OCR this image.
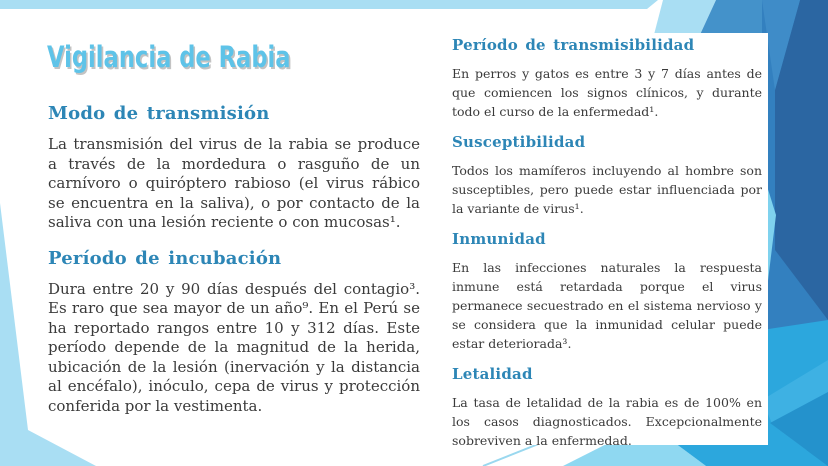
Vigilancia de Rabia
Modo de transmisión

La transmisión del virus de la rabia se produce a través de la mordedura o rasguño de un carnívoro o quiróptero rabioso (el virus rábico se encuentra en la saliva), o por contacto de la saliva con una lesión reciente o con mucosas¹.

Período de incubación

Dura entre 20 y 90 días después del contagio³. Es raro que sea mayor de un año⁹. En el Perú se ha reportado rangos entre 10 y 312 días. Este período depende de la magnitud de la herida, ubicación de la lesión (inervación y la distancia al encéfalo), inóculo, cepa de virus y protección conferida por la vestimenta.

Período de transmisibilidad

En perros y gatos es entre 3 y 7 días antes de que comiencen los signos clínicos, y durante todo el curso de la enfermedad¹.

Susceptibilidad

Todos los mamíferos incluyendo al hombre son susceptibles, pero puede estar influenciada por la variante de virus¹.

Inmunidad

En las infecciones naturales la respuesta inmune está retardada porque el virus permanece secuestrado en el sistema nervioso y se considera que la inmunidad celular puede estar deteriorada³.

Letalidad

La tasa de letalidad de la rabia es de 100% en los casos diagnosticados. Excepcionalmente sobreviven a la enfermedad.
